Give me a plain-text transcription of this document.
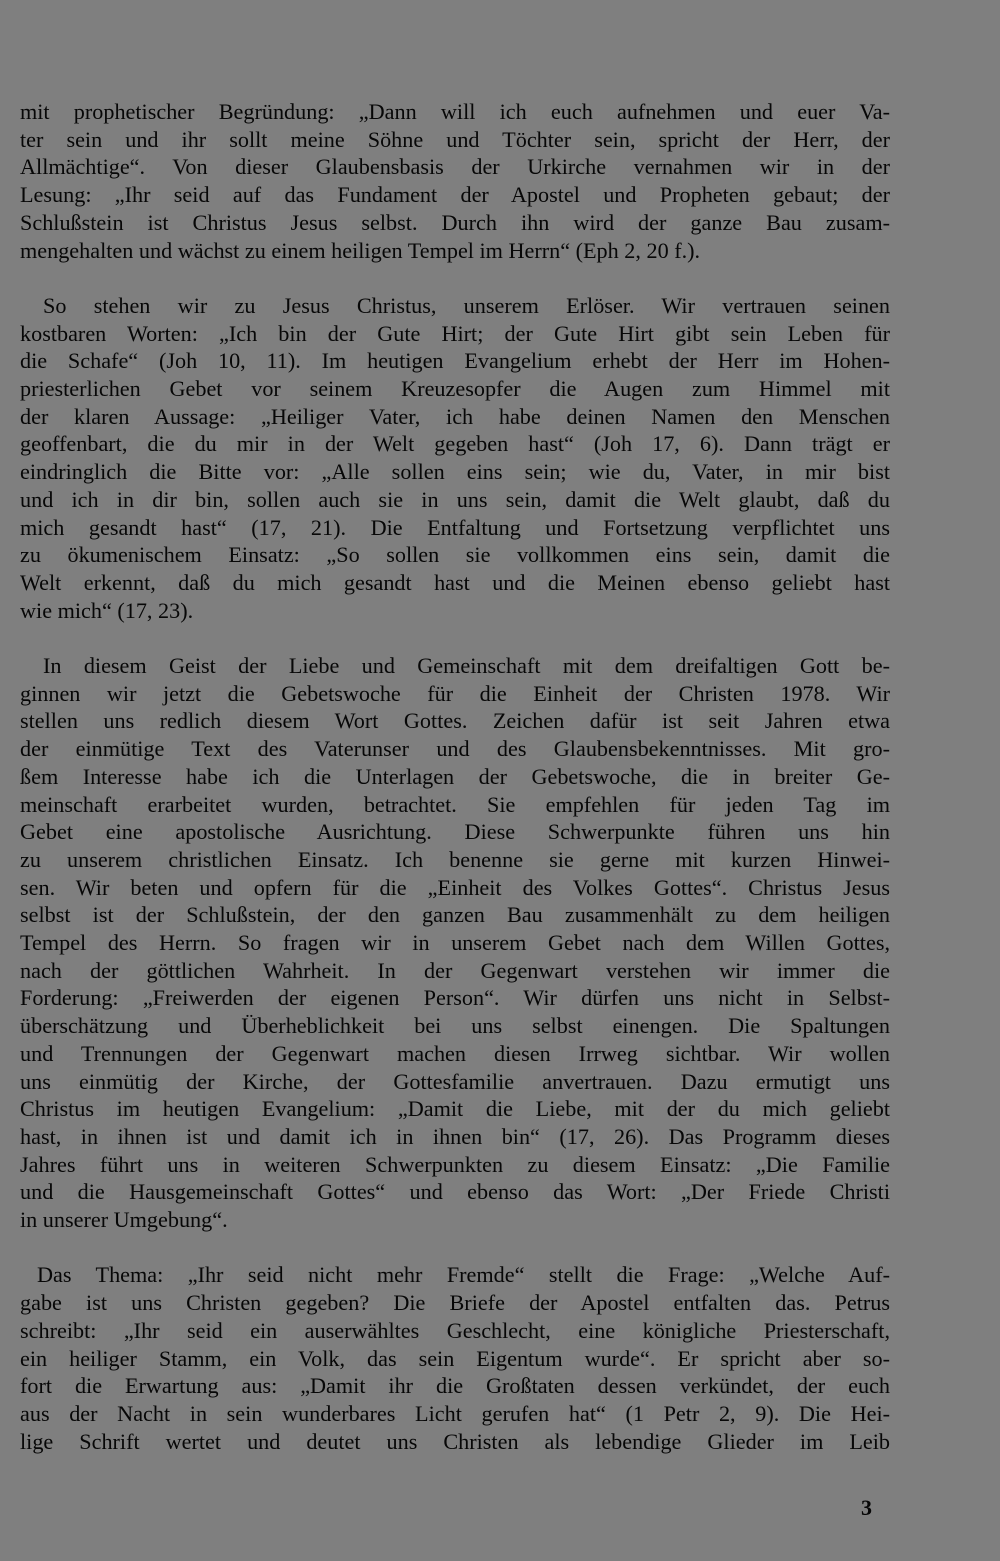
mit prophetischer Begründung: „Dann will ich euch aufnehmen und euer Va-
ter sein und ihr sollt meine Söhne und Töchter sein, spricht der Herr, der
Allmächtige“. Von dieser Glaubensbasis der Urkirche vernahmen wir in der
Lesung: „Ihr seid auf das Fundament der Apostel und Propheten gebaut; der
Schlußstein ist Christus Jesus selbst. Durch ihn wird der ganze Bau zusam-
mengehalten und wächst zu einem heiligen Tempel im Herrn“ (Eph 2, 20 f.).
So stehen wir zu Jesus Christus, unserem Erlöser. Wir vertrauen seinen
kostbaren Worten: „Ich bin der Gute Hirt; der Gute Hirt gibt sein Leben für
die Schafe“ (Joh 10, 11). Im heutigen Evangelium erhebt der Herr im Hohen-
priesterlichen Gebet vor seinem Kreuzesopfer die Augen zum Himmel mit
der klaren Aussage: „Heiliger Vater, ich habe deinen Namen den Menschen
geoffenbart, die du mir in der Welt gegeben hast“ (Joh 17, 6). Dann trägt er
eindringlich die Bitte vor: „Alle sollen eins sein; wie du, Vater, in mir bist
und ich in dir bin, sollen auch sie in uns sein, damit die Welt glaubt, daß du
mich gesandt hast“ (17, 21). Die Entfaltung und Fortsetzung verpflichtet uns
zu ökumenischem Einsatz: „So sollen sie vollkommen eins sein, damit die
Welt erkennt, daß du mich gesandt hast und die Meinen ebenso geliebt hast
wie mich“ (17, 23).
In diesem Geist der Liebe und Gemeinschaft mit dem dreifaltigen Gott be-
ginnen wir jetzt die Gebetswoche für die Einheit der Christen 1978. Wir
stellen uns redlich diesem Wort Gottes. Zeichen dafür ist seit Jahren etwa
der einmütige Text des Vaterunser und des Glaubensbekenntnisses. Mit gro-
ßem Interesse habe ich die Unterlagen der Gebetswoche, die in breiter Ge-
meinschaft erarbeitet wurden, betrachtet. Sie empfehlen für jeden Tag im
Gebet eine apostolische Ausrichtung. Diese Schwerpunkte führen uns hin
zu unserem christlichen Einsatz. Ich benenne sie gerne mit kurzen Hinwei-
sen. Wir beten und opfern für die „Einheit des Volkes Gottes“. Christus Jesus
selbst ist der Schlußstein, der den ganzen Bau zusammenhält zu dem heiligen
Tempel des Herrn. So fragen wir in unserem Gebet nach dem Willen Gottes,
nach der göttlichen Wahrheit. In der Gegenwart verstehen wir immer die
Forderung: „Freiwerden der eigenen Person“. Wir dürfen uns nicht in Selbst-
überschätzung und Überheblichkeit bei uns selbst einengen. Die Spaltungen
und Trennungen der Gegenwart machen diesen Irrweg sichtbar. Wir wollen
uns einmütig der Kirche, der Gottesfamilie anvertrauen. Dazu ermutigt uns
Christus im heutigen Evangelium: „Damit die Liebe, mit der du mich geliebt
hast, in ihnen ist und damit ich in ihnen bin“ (17, 26). Das Programm dieses
Jahres führt uns in weiteren Schwerpunkten zu diesem Einsatz: „Die Familie
und die Hausgemeinschaft Gottes“ und ebenso das Wort: „Der Friede Christi
in unserer Umgebung“.
Das Thema: „Ihr seid nicht mehr Fremde“ stellt die Frage: „Welche Auf-
gabe ist uns Christen gegeben? Die Briefe der Apostel entfalten das. Petrus
schreibt: „Ihr seid ein auserwähltes Geschlecht, eine königliche Priesterschaft,
ein heiliger Stamm, ein Volk, das sein Eigentum wurde“. Er spricht aber so-
fort die Erwartung aus: „Damit ihr die Großtaten dessen verkündet, der euch
aus der Nacht in sein wunderbares Licht gerufen hat“ (1 Petr 2, 9). Die Hei-
lige Schrift wertet und deutet uns Christen als lebendige Glieder im Leib
3
